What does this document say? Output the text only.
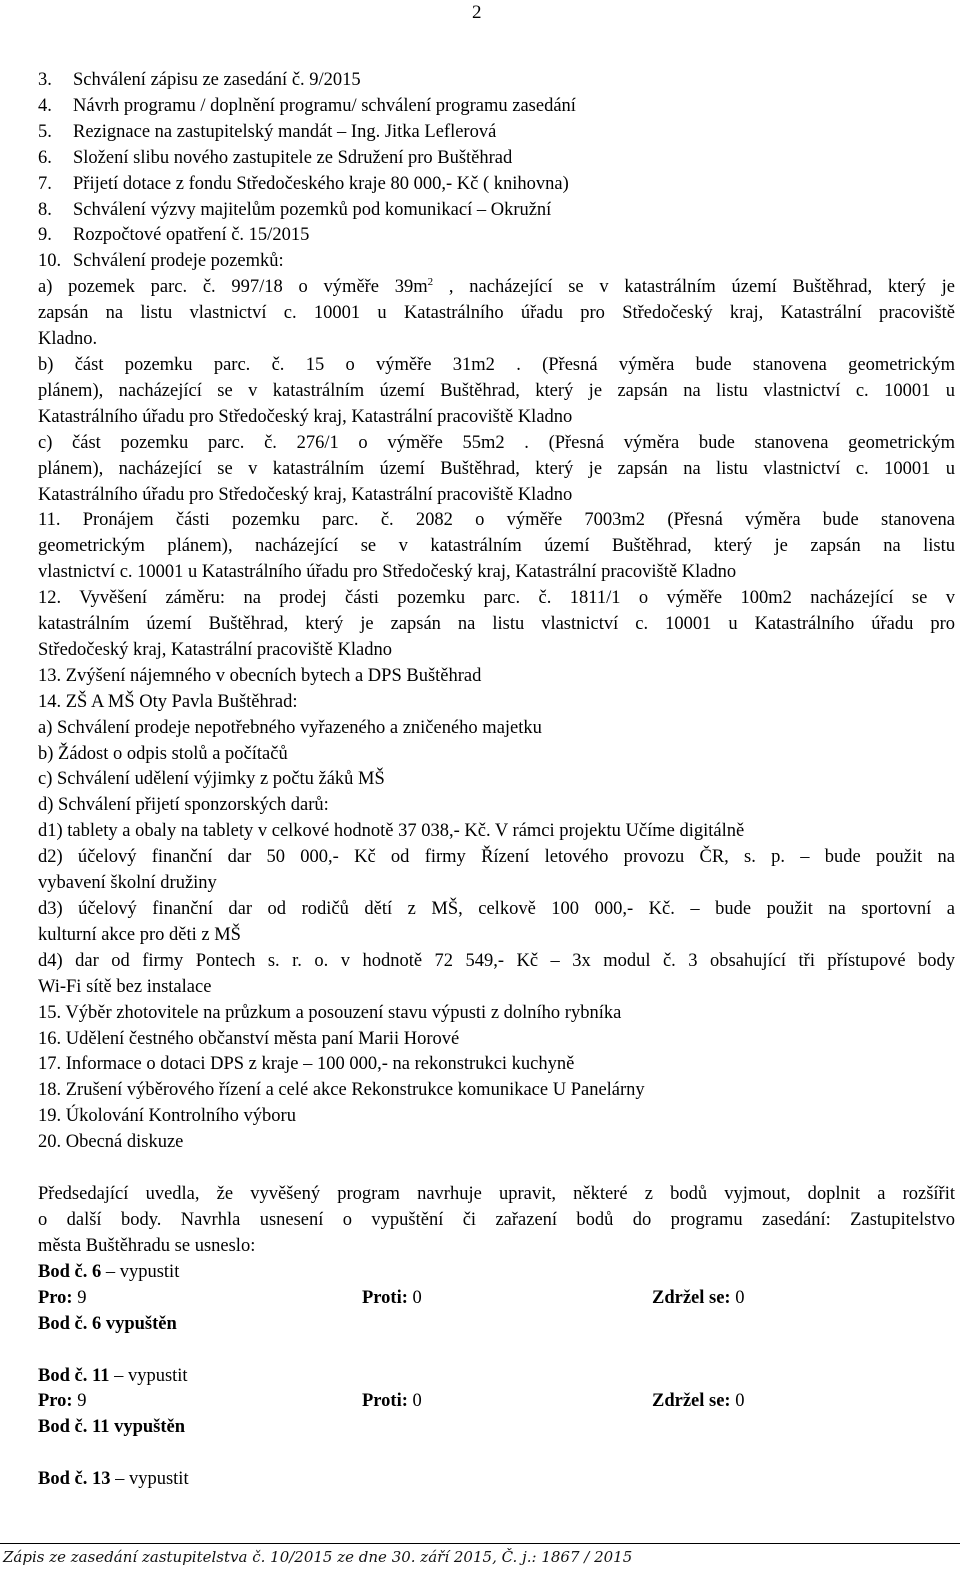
2
3. Schválení zápisu ze zasedání č. 9/2015
4. Návrh programu / doplnění programu/ schválení programu zasedání
5. Rezignace na zastupitelský mandát – Ing. Jitka Leflerová
6. Složení slibu nového zastupitele ze Sdružení pro Buštěhrad
7. Přijetí dotace z fondu Středočeského kraje 80 000,- Kč ( knihovna)
8. Schválení výzvy majitelům pozemků pod komunikací – Okružní
9. Rozpočtové opatření č. 15/2015
10. Schválení prodeje pozemků:
a) pozemek parc. č. 997/18 o výměře $39m^2$ , nacházející se v katastrálním území Buštěhrad, který je
zapsán na listu vlastnictví c. 10001 u Katastrálního úřadu pro Středočeský kraj, Katastrální pracoviště
Kladno.
b) část pozemku parc. č. 15 o výměře 31m2 . (Přesná výměra bude stanovena geometrickým
plánem), nacházející se v katastrálním území Buštěhrad, který je zapsán na listu vlastnictví c. 10001 u
Katastrálního úřadu pro Středočeský kraj, Katastrální pracoviště Kladno
c) část pozemku parc. č. 276/1 o výměře 55m2 . (Přesná výměra bude stanovena geometrickým
plánem), nacházející se v katastrálním území Buštěhrad, který je zapsán na listu vlastnictví c. 10001 u
Katastrálního úřadu pro Středočeský kraj, Katastrální pracoviště Kladno
11. Pronájem části pozemku parc. č. 2082 o výměře 7003m2 (Přesná výměra bude stanovena
geometrickým plánem), nacházející se v katastrálním území Buštěhrad, který je zapsán na listu
vlastnictví c. 10001 u Katastrálního úřadu pro Středočeský kraj, Katastrální pracoviště Kladno
12. Vyvěšení záměru: na prodej části pozemku parc. č. 1811/1 o výměře 100m2 nacházející se v
katastrálním území Buštěhrad, který je zapsán na listu vlastnictví c. 10001 u Katastrálního úřadu pro
Středočeský kraj, Katastrální pracoviště Kladno
13. Zvýšení nájemného v obecních bytech a DPS Buštěhrad
14. ZŠ A MŠ Oty Pavla Buštěhrad:
a) Schválení prodeje nepotřebného vyřazeného a zničeného majetku
b) Žádost o odpis stolů a počítačů
c) Schválení udělení výjimky z počtu žáků MŠ
d) Schválení přijetí sponzorských darů:
d1) tablety a obaly na tablety v celkové hodnotě 37 038,- Kč. V rámci projektu Učíme digitálně
d2) účelový finanční dar 50 000,- Kč od firmy Řízení letového provozu ČR, s. p. – bude použit na
vybavení školní družiny
d3) účelový finanční dar od rodičů dětí z MŠ, celkově 100 000,- Kč. – bude použit na sportovní a
kulturní akce pro děti z MŠ
d4) dar od firmy Pontech s. r. o. v hodnotě 72 549,- Kč – 3x modul č. 3 obsahující tři přístupové body
Wi-Fi sítě bez instalace
15. Výběr zhotovitele na průzkum a posouzení stavu výpusti z dolního rybníka
16. Udělení čestného občanství města paní Marii Horové
17. Informace o dotaci DPS z kraje – 100 000,- na rekonstrukci kuchyně
18. Zrušení výběrového řízení a celé akce Rekonstrukce komunikace U Panelárny
19. Úkolování Kontrolního výboru
20. Obecná diskuze
Předsedající uvedla, že vyvěšený program navrhuje upravit, některé z bodů vyjmout, doplnit a rozšířit
o další body. Navrhla usnesení o vypuštění či zařazení bodů do programu zasedání: Zastupitelstvo
města Buštěhradu se usneslo:
Bod č. 6 – vypustit
Pro: 9	Proti: 0	Zdržel se: 0
Bod č. 6 vypuštěn
Bod č. 11 – vypustit
Pro: 9	Proti: 0	Zdržel se: 0
Bod č. 11 vypuštěn
Bod č. 13 – vypustit
Zápis ze zasedání zastupitelstva č. 10/2015 ze dne 30. září 2015, Č. j.: 1867 / 2015
